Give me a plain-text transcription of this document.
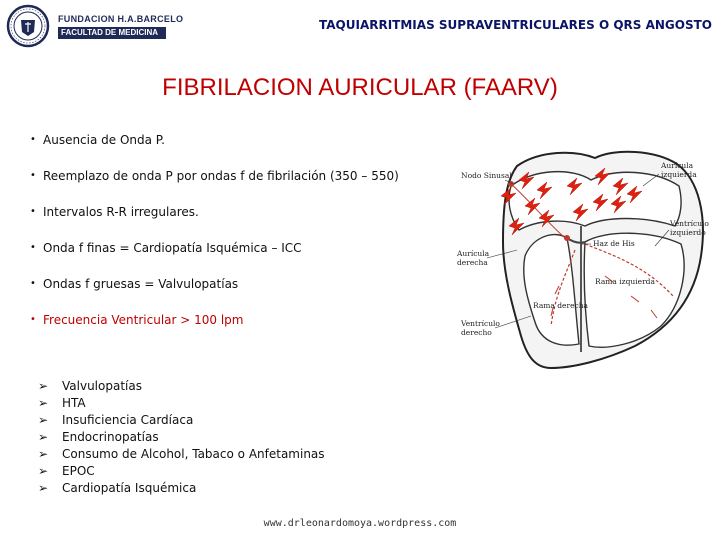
FUNDACION H.A.BARCELO
FACULTAD DE MEDICINA
TAQUIARRITMIAS SUPRAVENTRICULARES O QRS ANGOSTO
FIBRILACION AURICULAR (FAARV)
• Ausencia de Onda P.
• Reemplazo de onda P por ondas f de fibrilación (350 – 550)
• Intervalos R-R irregulares.
• Onda f finas = Cardiopatía Isquémica – ICC
• Ondas f gruesas = Valvulopatías
• Frecuencia Ventricular > 100 lpm
➢ Valvulopatías
➢ HTA
➢ Insuficiencia Cardíaca
➢ Endocrinopatías
➢ Consumo de Alcohol, Tabaco o Anfetaminas
➢ EPOC
➢ Cardiopatía Isquémica
Nodo Sinusal
Aurícula
izquierda
Ventrículo
izquierdo
Haz de His
Aurícula
derecha
Rama izquierda
Rama derecha
Ventrículo
derecho
www.drleonardomoya.wordpress.com
